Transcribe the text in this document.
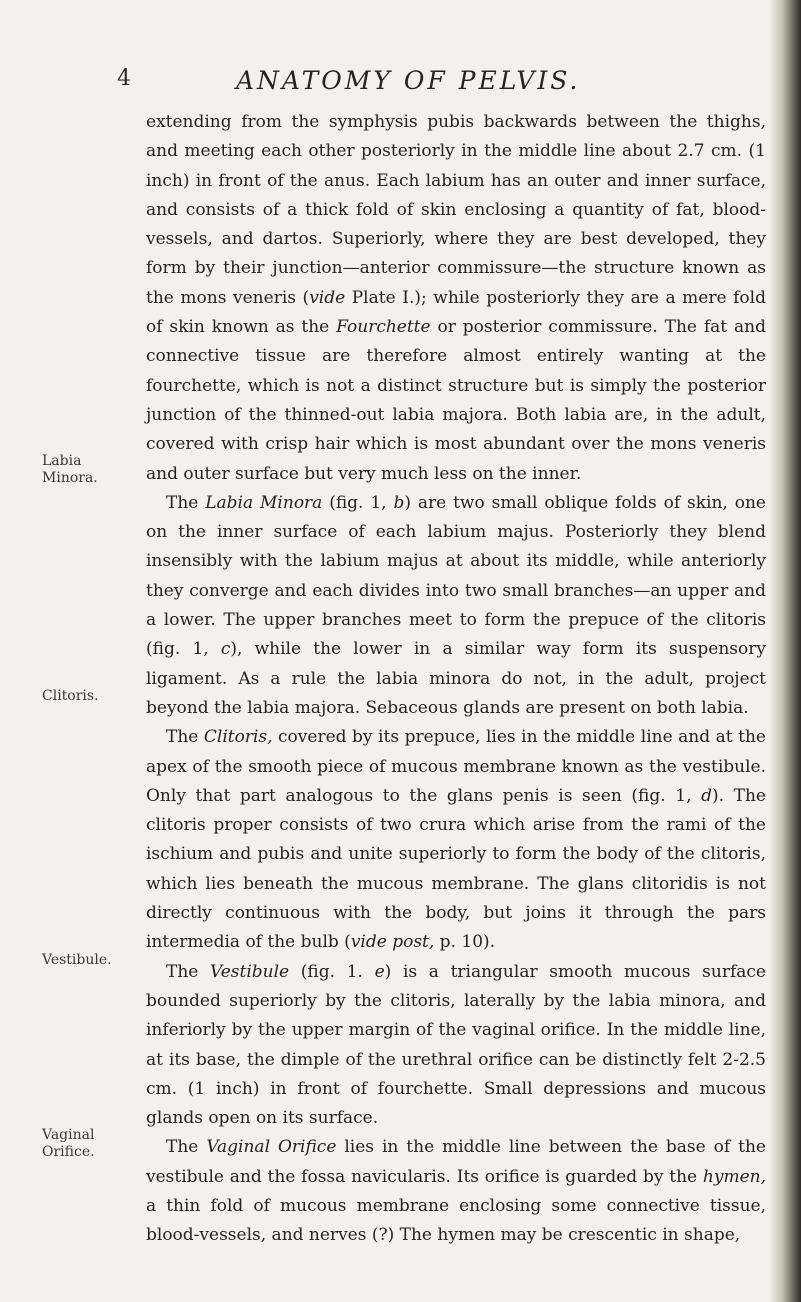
4	ANATOMY OF PELVIS.
Labia
Minora.
Clitoris.
Vestibule.
Vaginal
Orifice.

extending from the symphysis pubis backwards between the thighs, and meeting each other posteriorly in the middle line about 2.7 cm. (1 inch) in front of the anus. Each labium has an outer and inner surface, and consists of a thick fold of skin enclosing a quantity of fat, blood-vessels, and dartos. Superiorly, where they are best developed, they form by their junction—anterior commissure—the structure known as the mons veneris (vide Plate I.); while posteriorly they are a mere fold of skin known as the Fourchette or posterior commissure. The fat and connective tissue are therefore almost entirely wanting at the fourchette, which is not a distinct structure but is simply the posterior junction of the thinned-out labia majora. Both labia are, in the adult, covered with crisp hair which is most abundant over the mons veneris and outer surface but very much less on the inner.

The Labia Minora (fig. 1, b) are two small oblique folds of skin, one on the inner surface of each labium majus. Posteriorly they blend insensibly with the labium majus at about its middle, while anteriorly they converge and each divides into two small branches—an upper and a lower. The upper branches meet to form the prepuce of the clitoris (fig. 1, c), while the lower in a similar way form its suspensory ligament. As a rule the labia minora do not, in the adult, project beyond the labia majora. Sebaceous glands are present on both labia.

The Clitoris, covered by its prepuce, lies in the middle line and at the apex of the smooth piece of mucous membrane known as the vestibule. Only that part analogous to the glans penis is seen (fig. 1, d). The clitoris proper consists of two crura which arise from the rami of the ischium and pubis and unite superiorly to form the body of the clitoris, which lies beneath the mucous membrane. The glans clitoridis is not directly continuous with the body, but joins it through the pars intermedia of the bulb (vide post, p. 10).

The Vestibule (fig. 1. e) is a triangular smooth mucous surface bounded superiorly by the clitoris, laterally by the labia minora, and inferiorly by the upper margin of the vaginal orifice. In the middle line, at its base, the dimple of the urethral orifice can be distinctly felt 2-2.5 cm. (1 inch) in front of fourchette. Small depressions and mucous glands open on its surface.

The Vaginal Orifice lies in the middle line between the base of the vestibule and the fossa navicularis. Its orifice is guarded by the hymen, a thin fold of mucous membrane enclosing some connective tissue, blood-vessels, and nerves (?) The hymen may be crescentic in shape,
